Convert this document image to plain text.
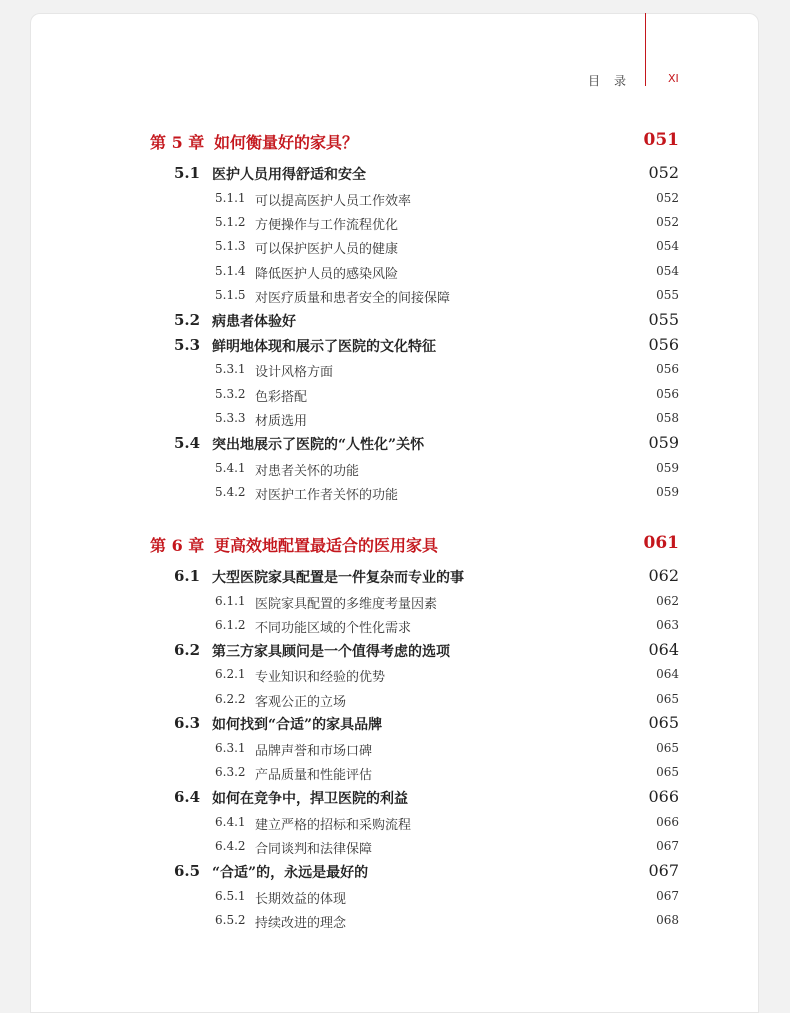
目录	XI
第 5 章 如何衡量好的家具？	051
5.1 医护人员用得舒适和安全	052
5.1.1 可以提高医护人员工作效率	052
5.1.2 方便操作与工作流程优化	052
5.1.3 可以保护医护人员的健康	054
5.1.4 降低医护人员的感染风险	054
5.1.5 对医疗质量和患者安全的间接保障	055
5.2 病患者体验好	055
5.3 鲜明地体现和展示了医院的文化特征	056
5.3.1 设计风格方面	056
5.3.2 色彩搭配	056
5.3.3 材质选用	058
5.4 突出地展示了医院的“人性化”关怀	059
5.4.1 对患者关怀的功能	059
5.4.2 对医护工作者关怀的功能	059
第 6 章 更高效地配置最适合的医用家具	061
6.1 大型医院家具配置是一件复杂而专业的事	062
6.1.1 医院家具配置的多维度考量因素	062
6.1.2 不同功能区域的个性化需求	063
6.2 第三方家具顾问是一个值得考虑的选项	064
6.2.1 专业知识和经验的优势	064
6.2.2 客观公正的立场	065
6.3 如何找到“合适”的家具品牌	065
6.3.1 品牌声誉和市场口碑	065
6.3.2 产品质量和性能评估	065
6.4 如何在竞争中，捍卫医院的利益	066
6.4.1 建立严格的招标和采购流程	066
6.4.2 合同谈判和法律保障	067
6.5 “合适”的，永远是最好的	067
6.5.1 长期效益的体现	067
6.5.2 持续改进的理念	068
